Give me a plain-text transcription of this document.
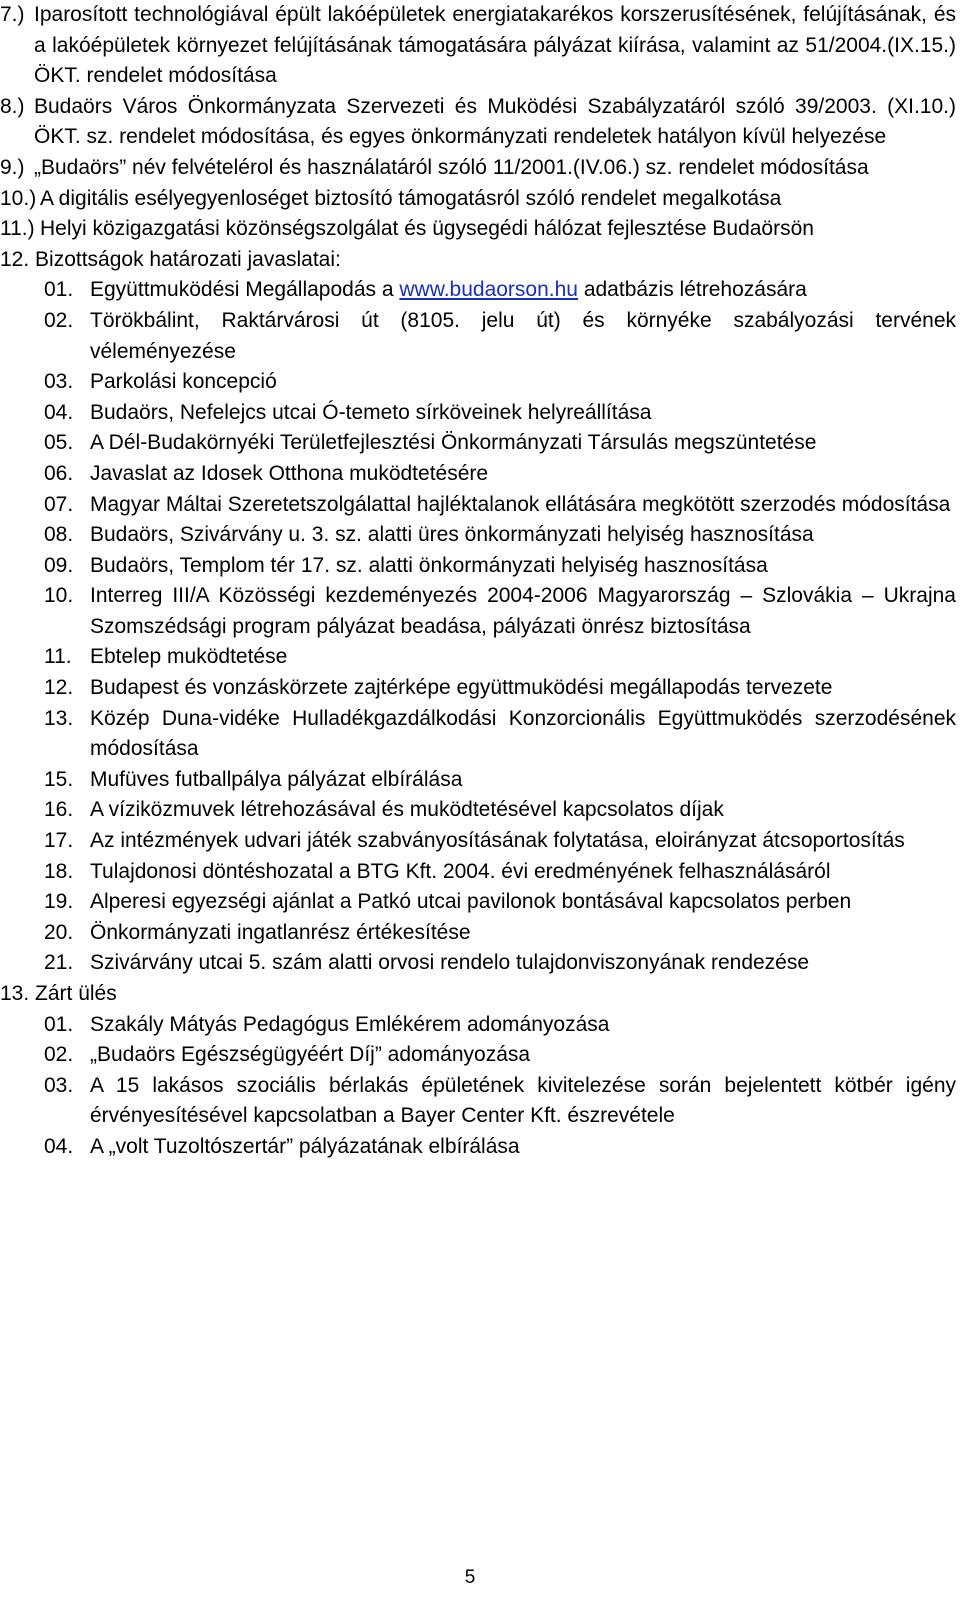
7.) Iparosított technológiával épült lakóépületek energiatakarékos korszerusítésének, felújításának, és a lakóépületek környezet felújításának támogatására pályázat kiírása, valamint az 51/2004.(IX.15.) ÖKT. rendelet módosítása
8.) Budaörs Város Önkormányzata Szervezeti és Muködési Szabályzatáról szóló 39/2003. (XI.10.) ÖKT. sz. rendelet módosítása, és egyes önkormányzati rendeletek hatályon kívül helyezése
9.) „Budaörs” név felvételérol és használatáról szóló 11/2001.(IV.06.) sz. rendelet módosítása
10.) A digitális esélyegyenloséget biztosító támogatásról szóló rendelet megalkotása
11.) Helyi közigazgatási közönségszolgálat és ügysegédi hálózat fejlesztése Budaörsön
12. Bizottságok határozati javaslatai:
01. Együttmuködési Megállapodás a www.budaorson.hu adatbázis létrehozására
02. Törökbálint, Raktárvárosi út (8105. jelu út) és környéke szabályozási tervének véleményezése
03. Parkolási koncepció
04. Budaörs, Nefelejcs utcai Ó-temeto sírköveinek helyreállítása
05. A Dél-Budakörnyéki Területfejlesztési Önkormányzati Társulás megszüntetése
06. Javaslat az Idosek Otthona muködtetésére
07. Magyar Máltai Szeretetszolgálattal hajléktalanok ellátására megkötött szerzodés módosítása
08. Budaörs, Szivárvány u. 3. sz. alatti üres önkormányzati helyiség hasznosítása
09. Budaörs, Templom tér 17. sz. alatti önkormányzati helyiség hasznosítása
10. Interreg III/A Közösségi kezdeményezés 2004-2006 Magyarország – Szlovákia – Ukrajna Szomszédsági program pályázat beadása, pályázati önrész biztosítása
11. Ebtelep muködtetése
12. Budapest és vonzáskörzete zajtérképe együttmuködési megállapodás tervezete
13. Közép Duna-vidéke Hulladékgazdálkodási Konzorcionális Együttmuködés szerzodésének módosítása
15. Mufüves futballpálya pályázat elbírálása
16. A víziközmuvek létrehozásával és muködtetésével kapcsolatos díjak
17. Az intézmények udvari játék szabványosításának folytatása, eloirányzat átcsoportosítás
18. Tulajdonosi döntéshozatal a BTG Kft. 2004. évi eredményének felhasználásáról
19. Alperesi egyezségi ajánlat a Patkó utcai pavilonok bontásával kapcsolatos perben
20. Önkormányzati ingatlanrész értékesítése
21. Szivárvány utcai 5. szám alatti orvosi rendelo tulajdonviszonyának rendezése
13. Zárt ülés
01. Szakály Mátyás Pedagógus Emlékérem adományozása
02. „Budaörs Egészségügyéért Díj” adományozása
03. A 15 lakásos szociális bérlakás épületének kivitelezése során bejelentett kötbér igény érvényesítésével kapcsolatban a Bayer Center Kft. észrevétele
04. A „volt Tuzoltószertár” pályázatának elbírálása
5
